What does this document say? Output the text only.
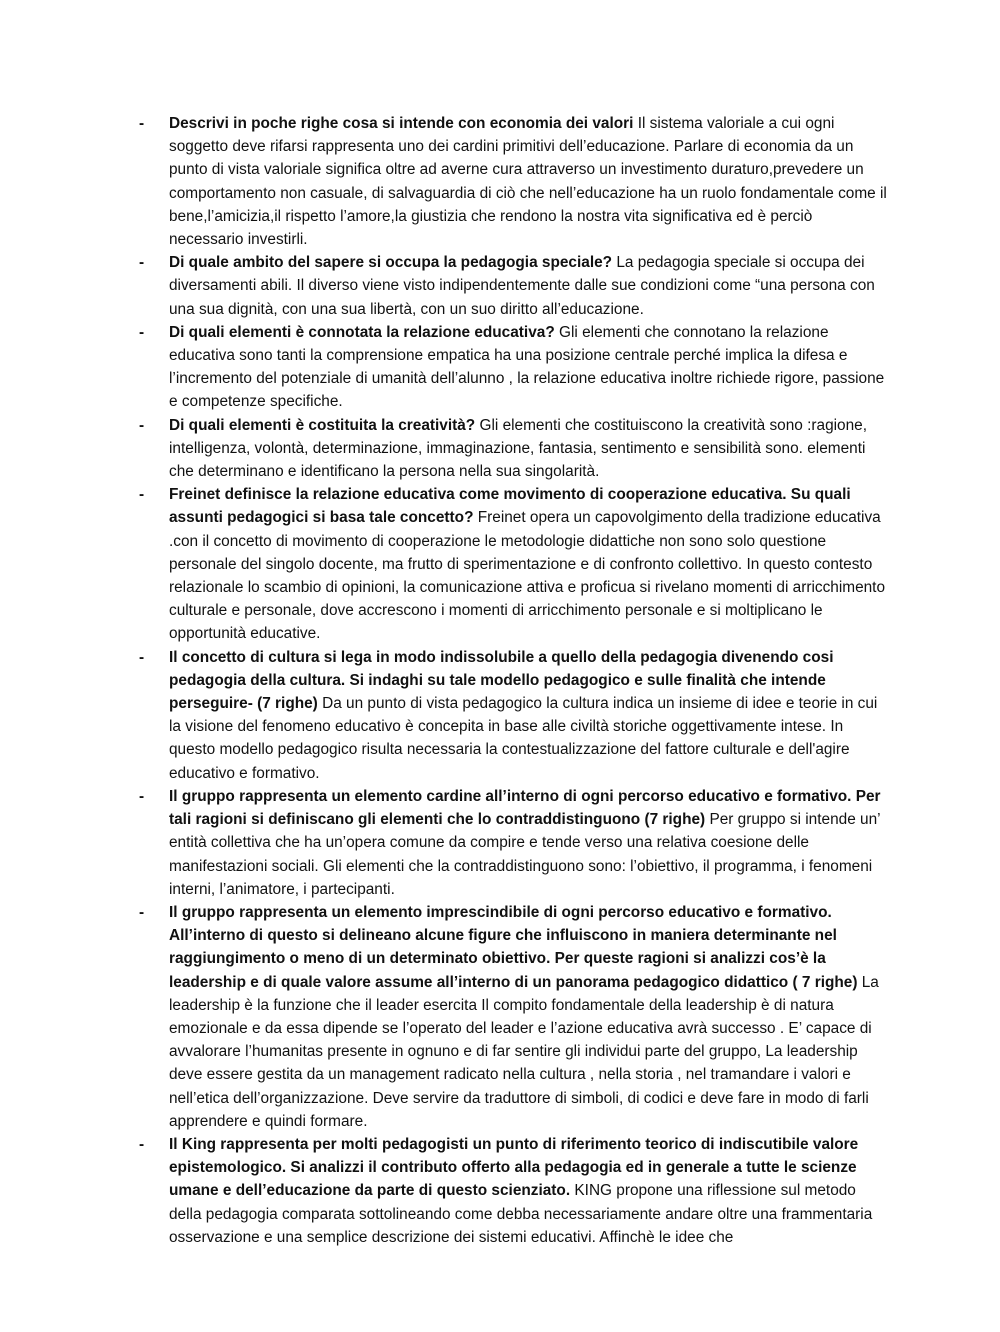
- Descrivi in poche righe cosa si intende con economia dei valori Il sistema valoriale a cui ogni soggetto deve rifarsi rappresenta uno dei cardini primitivi dell’educazione. Parlare di economia da un punto di vista valoriale significa oltre ad averne cura attraverso un investimento duraturo,prevedere un comportamento non casuale, di salvaguardia di ciò che nell’educazione ha un ruolo fondamentale come il bene,l’amicizia,il rispetto l’amore,la giustizia che rendono la nostra vita significativa ed è perciò necessario investirli.
- Di quale ambito del sapere si occupa la pedagogia speciale? La pedagogia speciale si occupa dei diversamenti abili. Il diverso viene visto indipendentemente dalle sue condizioni come “una persona con una sua dignità, con una sua libertà, con un suo diritto all’educazione.
- Di quali elementi è connotata la relazione educativa? Gli elementi che connotano la relazione educativa sono tanti la comprensione empatica ha una posizione centrale perché implica la difesa e l’incremento del potenziale di umanità dell’alunno , la relazione educativa inoltre richiede rigore, passione e competenze specifiche.
- Di quali elementi è costituita la creatività? Gli elementi che costituiscono la creatività sono :ragione, intelligenza, volontà, determinazione, immaginazione, fantasia, sentimento e sensibilità sono. elementi che determinano e identificano la persona nella sua singolarità.
- Freinet definisce la relazione educativa come movimento di cooperazione educativa. Su quali assunti pedagogici si basa tale concetto? Freinet opera un capovolgimento della tradizione educativa .con il concetto di movimento di cooperazione le metodologie didattiche non sono solo questione personale del singolo docente, ma frutto di sperimentazione e di confronto collettivo. In questo contesto relazionale lo scambio di opinioni, la comunicazione attiva e proficua si rivelano momenti di arricchimento culturale e personale, dove accrescono i momenti di arricchimento personale e si moltiplicano le opportunità educative.
- Il concetto di cultura si lega in modo indissolubile a quello della pedagogia divenendo cosi pedagogia della cultura. Si indaghi su tale modello pedagogico e sulle finalità che intende perseguire- (7 righe) Da un punto di vista pedagogico la cultura indica un insieme di idee e teorie in cui la visione del fenomeno educativo è concepita in base alle civiltà storiche oggettivamente intese. In questo modello pedagogico risulta necessaria la contestualizzazione del fattore culturale e dell'agire educativo e formativo.
- Il gruppo rappresenta un elemento cardine all’interno di ogni percorso educativo e formativo. Per tali ragioni si definiscano gli elementi che lo contraddistinguono (7 righe) Per gruppo si intende un’ entità collettiva che ha un’opera comune da compire e tende verso una relativa coesione delle manifestazioni sociali. Gli elementi che la contraddistinguono sono: l’obiettivo, il programma, i fenomeni interni, l’animatore, i partecipanti.
- Il gruppo rappresenta un elemento imprescindibile di ogni percorso educativo e formativo. All’interno di questo si delineano alcune figure che influiscono in maniera determinante nel raggiungimento o meno di un determinato obiettivo. Per queste ragioni si analizzi cos’è la leadership e di quale valore assume all’interno di un panorama pedagogico didattico ( 7 righe) La leadership è la funzione che il leader esercita Il compito fondamentale della leadership è di natura emozionale e da essa dipende se l’operato del leader e l’azione educativa avrà successo . E’ capace di avvalorare l’humanitas presente in ognuno e di far sentire gli individui parte del gruppo, La leadership deve essere gestita da un management radicato nella cultura , nella storia , nel tramandare i valori e nell’etica dell’organizzazione. Deve servire da traduttore di simboli, di codici e deve fare in modo di farli apprendere e quindi formare.
- Il King rappresenta per molti pedagogisti un punto di riferimento teorico di indiscutibile valore epistemologico. Si analizzi il contributo offerto alla pedagogia ed in generale a tutte le scienze umane e dell’educazione da parte di questo scienziato. KING propone una riflessione sul metodo della pedagogia comparata sottolineando come debba necessariamente andare oltre una frammentaria osservazione e una semplice descrizione dei sistemi educativi. Affinchè le idee che
